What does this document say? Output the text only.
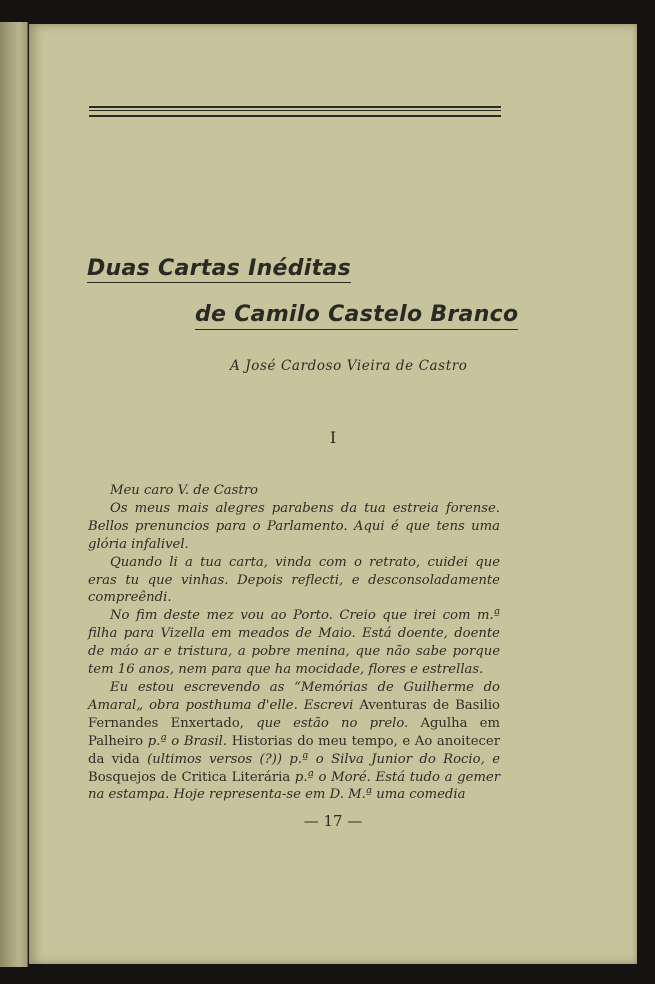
Duas Cartas Inéditas
de Camilo Castelo Branco
A José Cardoso Vieira de Castro
I

Meu caro V. de Castro

Os meus mais alegres parabens da tua estreia forense. Bellos prenuncios para o Parlamento. Aqui é que tens uma glória infalivel.

Quando li a tua carta, vinda com o retrato, cuidei que eras tu que vinhas. Depois reflecti, e desconsoladamente compreêndi.

No fim deste mez vou ao Porto. Creio que irei com m.ª filha para Vizella em meados de Maio. Está doente, doente de máo ar e tristura, a pobre menina, que não sabe porque tem 16 anos, nem para que ha mocidade, flores e estrellas.

Eu estou escrevendo as “Memórias de Guilherme do Amaral„ obra posthuma d'elle. Escrevi Aventuras de Basilio Fernandes Enxertado, que estão no prelo. Agulha em Palheiro p.ª o Brasil. Historias do meu tempo, e Ao anoitecer da vida (ultimos versos (?)) p.ª o Silva Junior do Rocio, e Bosquejos de Critica Literária p.ª o Moré. Está tudo a gemer na estampa. Hoje representa-se em D. M.ª uma comedia

— 17 —
